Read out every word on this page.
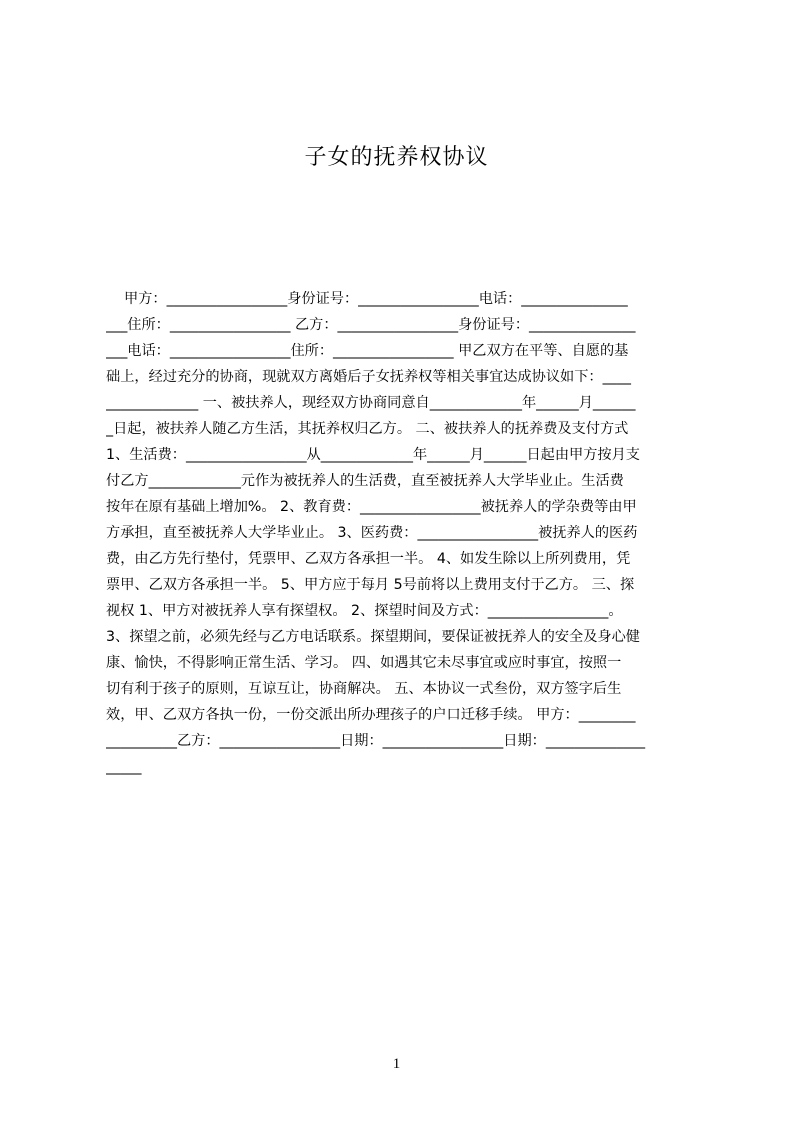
子女的抚养权协议
甲方：_________________身份证号：_________________电话：_______________
___住所：_________________ 乙方：_________________身份证号：_______________
___电话：_________________住所：_________________ 甲乙双方在平等、自愿的基
础上，经过充分的协商，现就双方离婚后子女抚养权等相关事宜达成协议如下：____
_____________ 一、被扶养人，现经双方协商同意自_____________年______月______
_日起，被扶养人随乙方生活，其抚养权归乙方。 二、被扶养人的抚养费及支付方式
1、生活费：_________________从_____________年______月______日起由甲方按月支
付乙方_____________元作为被抚养人的生活费，直至被抚养人大学毕业止。生活费
按年在原有基础上增加%。 2、教育费：_________________被抚养人的学杂费等由甲
方承担，直至被抚养人大学毕业止。 3、医药费：_________________被抚养人的医药
费，由乙方先行垫付，凭票甲、乙双方各承担一半。 4、如发生除以上所列费用，凭
票甲、乙双方各承担一半。 5、甲方应于每月 5号前将以上费用支付于乙方。 三、探
视权 1、甲方对被抚养人享有探望权。 2、探望时间及方式：_________________。
3、探望之前，必须先经与乙方电话联系。探望期间，要保证被抚养人的安全及身心健
康、愉快，不得影响正常生活、学习。 四、如遇其它未尽事宜或应时事宜，按照一
切有利于孩子的原则，互谅互让，协商解决。 五、本协议一式叁份，双方签字后生
效，甲、乙双方各执一份，一份交派出所办理孩子的户口迁移手续。 甲方：________
__________乙方：_________________日期：_________________日期：______________
_____
1
